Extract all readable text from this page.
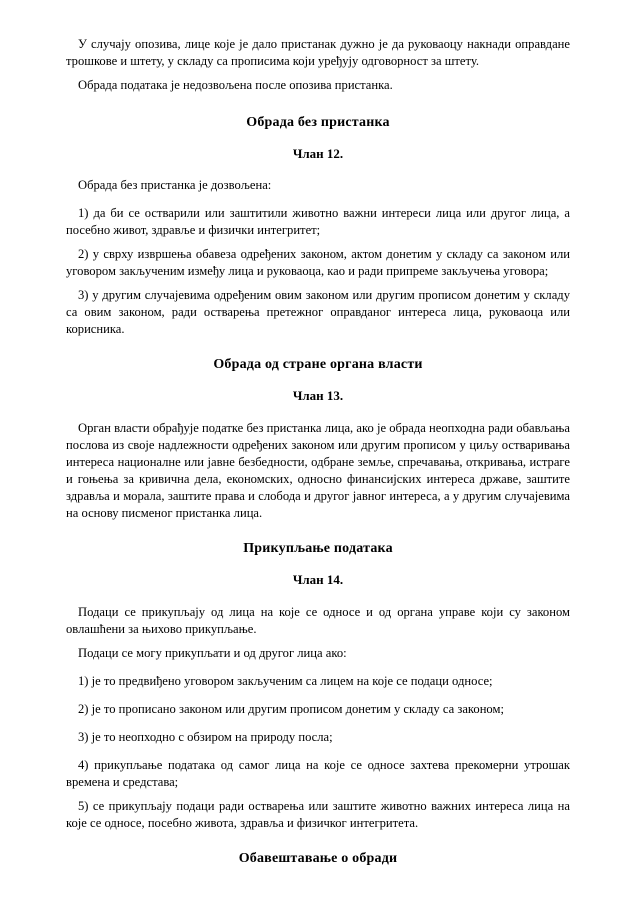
У случају опозива, лице које је дало пристанак дужно је да руковаоцу накнади оправдане трошкове и штету, у складу са прописима који уређују одговорност за штету.

Обрада података је недозвољена после опозива пристанка.

Обрада без пристанка
Члан 12.

Обрада без пристанка је дозвољена:

1) да би се остварили или заштитили животно важни интереси лица или другог лица, а посебно живот, здравље и физички интегритет;

2) у сврху извршења обавеза одређених законом, актом донетим у складу са законом или уговором закљученим између лица и руковаоца, као и ради припреме закључења уговора;

3) у другим случајевима одређеним овим законом или другим прописом донетим у складу са овим законом, ради остварења претежног оправданог интереса лица, руковаоца или корисника.

Обрада од стране органа власти
Члан 13.

Орган власти обрађује податке без пристанка лица, ако је обрада неопходна ради обављања послова из своје надлежности одређених законом или другим прописом у циљу остваривања интереса националне или јавне безбедности, одбране земље, спречавања, откривања, истраге и гоњења за кривична дела, економских, односно финансијских интереса државе, заштите здравља и морала, заштите права и слобода и другог јавног интереса, а у другим случајевима на основу писменог пристанка лица.

Прикупљање података
Члан 14.

Подаци се прикупљају од лица на које се односе и од органа управе који су законом овлашћени за њихово прикупљање.

Подаци се могу прикупљати и од другог лица ако:

1) је то предвиђено уговором закљученим са лицем на које се подаци односе;

2) је то прописано законом или другим прописом донетим у складу са законом;

3) је то неопходно с обзиром на природу посла;

4) прикупљање података од самог лица на које се односе захтева прекомерни утрошак времена и средстава;

5) се прикупљају подаци ради остварења или заштите животно важних интереса лица на које се односе, посебно живота, здравља и физичког интегритета.

Обавештавање о обради
